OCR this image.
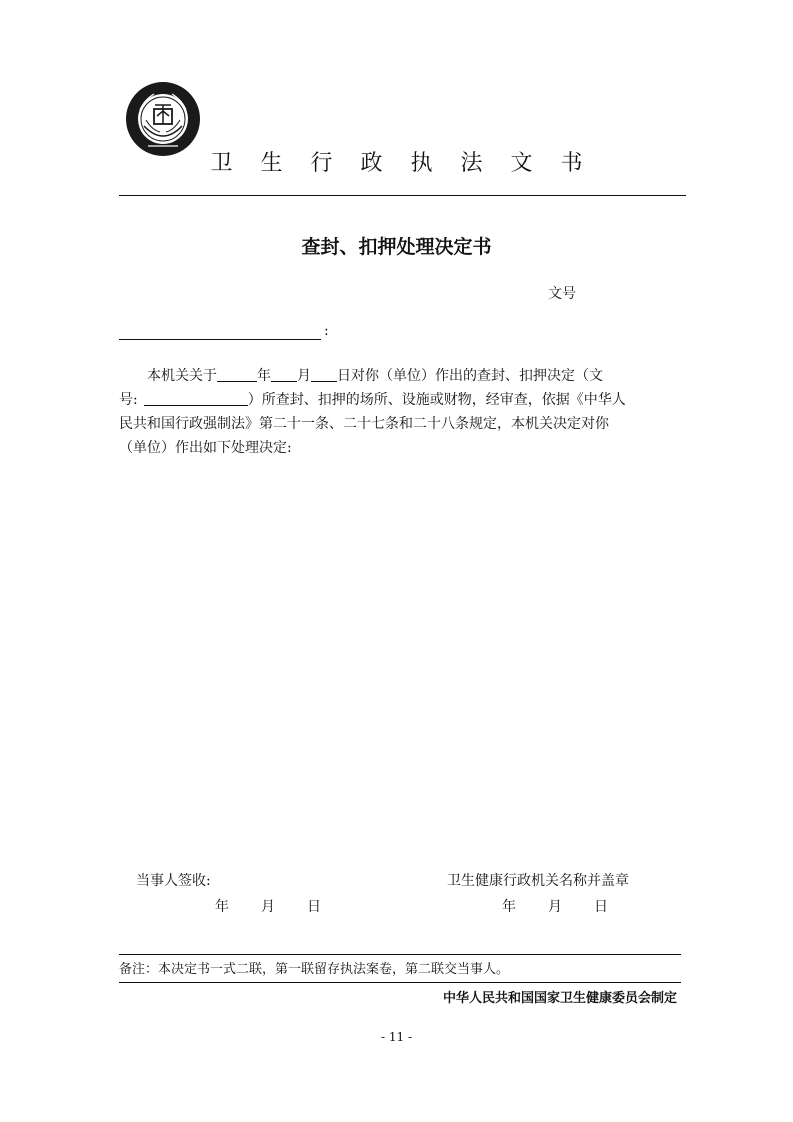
卫生行政执法文书
查封、扣押处理决定书
文号
:
本机关关于	年 月 日对你（单位）作出的查封、扣押决定（文
号:	）所查封、扣押的场所、设施或财物，经审查，依据《中华人
民共和国行政强制法》第二十一条、二十七条和二十八条规定，本机关决定对你
（单位）作出如下处理决定:
当事人签收:	卫生健康行政机关名称并盖章
年 月 日	年 月 日
备注：本决定书一式二联，第一联留存执法案卷，第二联交当事人。
中华人民共和国国家卫生健康委员会制定
- 11 -
